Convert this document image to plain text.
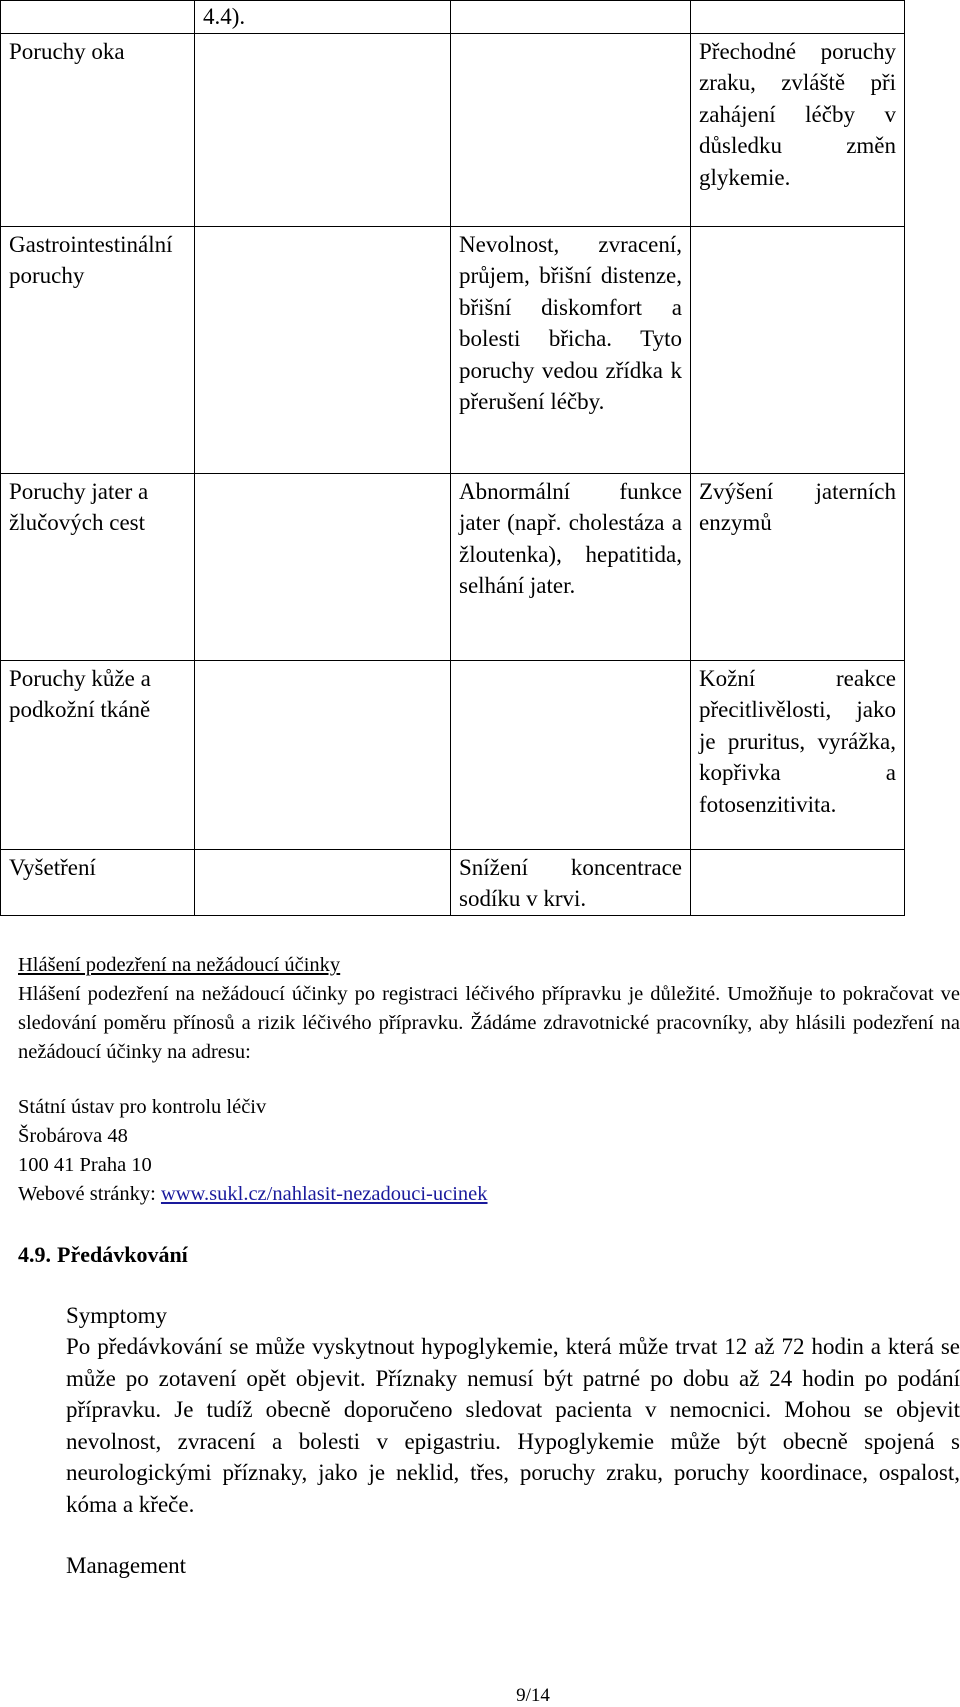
	4.4).		
Poruchy oka			Přechodné poruchy zraku, zvláště při zahájení léčby v důsledku změn glykemie.
Gastrointestinální poruchy		Nevolnost, zvracení, průjem, břišní distenze, břišní diskomfort a bolesti břicha. Tyto poruchy vedou zřídka k přerušení léčby.	
Poruchy jater a žlučových cest		Abnormální funkce jater (např. cholestáza a žloutenka), hepatitida, selhání jater.	Zvýšení jaterních enzymů
Poruchy kůže a podkožní tkáně			Kožní reakce přecitlivělosti, jako je pruritus, vyrážka, kopřivka a fotosenzitivita.
Vyšetření		Snížení koncentrace sodíku v krvi.	
Hlášení podezření na nežádoucí účinky
Hlášení podezření na nežádoucí účinky po registraci léčivého přípravku je důležité. Umožňuje to pokračovat ve sledování poměru přínosů a rizik léčivého přípravku. Žádáme zdravotnické pracovníky, aby hlásili podezření na nežádoucí účinky na adresu:
Státní ústav pro kontrolu léčiv
Šrobárova 48
100 41 Praha 10
Webové stránky: www.sukl.cz/nahlasit-nezadouci-ucinek
4.9. Předávkování
Symptomy
Po předávkování se může vyskytnout hypoglykemie, která může trvat 12 až 72 hodin a která se může po zotavení opět objevit. Příznaky nemusí být patrné po dobu až 24 hodin po podání přípravku. Je tudíž obecně doporučeno sledovat pacienta v nemocnici. Mohou se objevit nevolnost, zvracení a bolesti v epigastriu. Hypoglykemie může být obecně spojená s neurologickými příznaky, jako je neklid, třes, poruchy zraku, poruchy koordinace, ospalost, kóma a křeče.
Management
9/14
